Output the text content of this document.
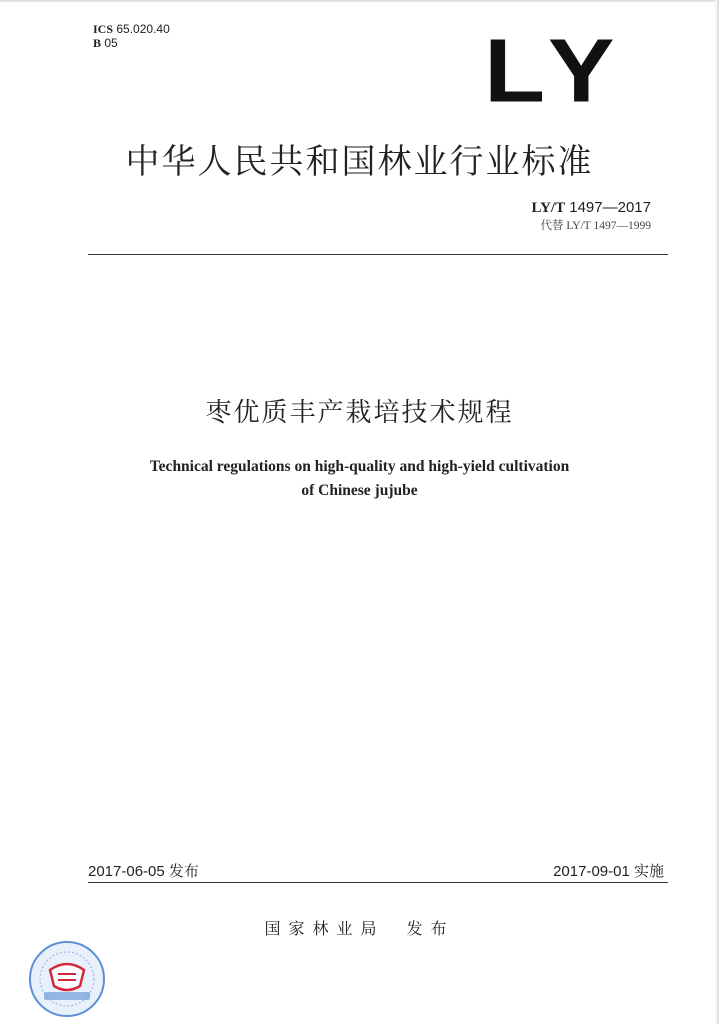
ICS 65.020.40
B 05	LY
中华人民共和国林业行业标准
LY/T 1497—2017
代替 LY/T 1497—1999
枣优质丰产栽培技术规程
Technical regulations on high-quality and high-yield cultivation
of Chinese jujube
2017-06-05 发布	2017-09-01 实施
国家林业局 发布
